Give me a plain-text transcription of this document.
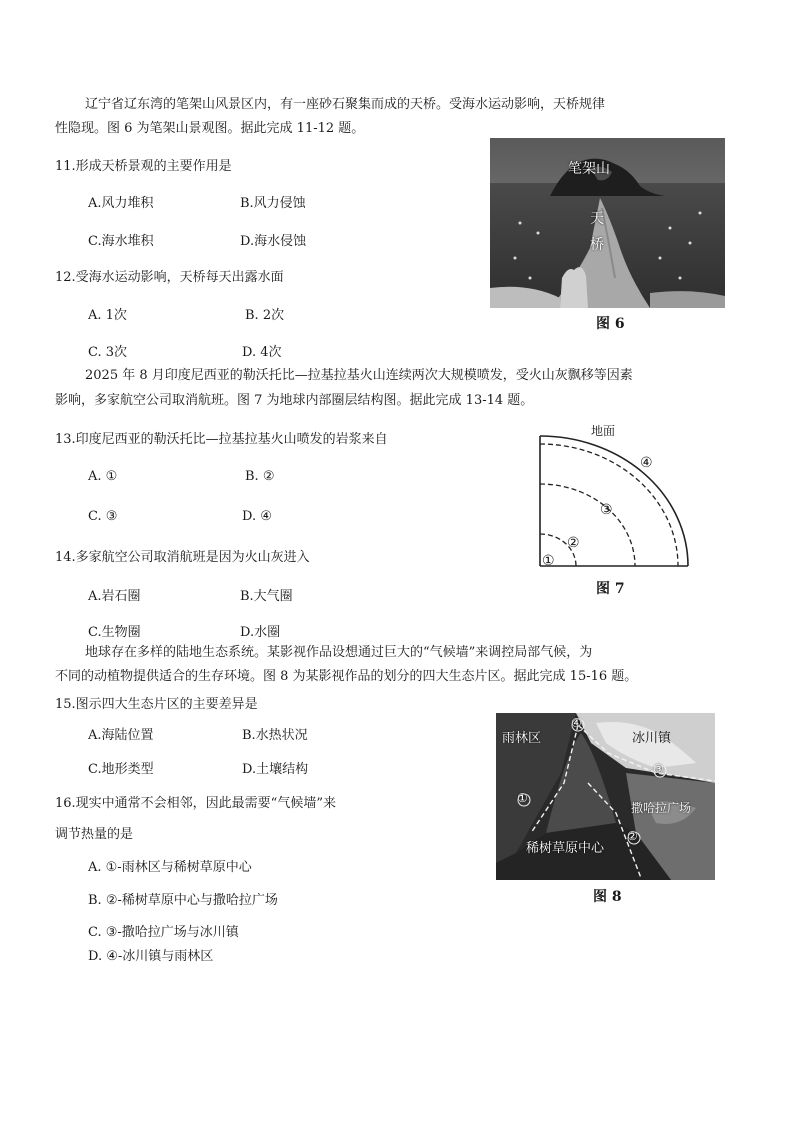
辽宁省辽东湾的笔架山风景区内，有一座砂石聚集而成的天桥。受海水运动影响，天桥规律
性隐现。图 6 为笔架山景观图。据此完成 11-12 题。
11.形成天桥景观的主要作用是
A.风力堆积	B.风力侵蚀
C.海水堆积	D.海水侵蚀
12.受海水运动影响，天桥每天出露水面
A. 1次	B. 2次
C. 3次	D. 4次
笔架山
天
桥
图 6
2025 年 8 月印度尼西亚的勒沃托比—拉基拉基火山连续两次大规模喷发，受火山灰飘移等因素
影响，多家航空公司取消航班。图 7 为地球内部圈层结构图。据此完成 13-14 题。
13.印度尼西亚的勒沃托比—拉基拉基火山喷发的岩浆来自
A. ①	B. ②
C. ③	D. ④
地面
④
③
②
①
图 7
14.多家航空公司取消航班是因为火山灰进入
A.岩石圈	B.大气圈
C.生物圈	D.水圈
地球存在多样的陆地生态系统。某影视作品设想通过巨大的“气候墙”来调控局部气候，为
不同的动植物提供适合的生存环境。图 8 为某影视作品的划分的四大生态片区。据此完成 15-16 题。
15.图示四大生态片区的主要差异是
A.海陆位置	B.水热状况
C.地形类型	D.土壤结构
16.现实中通常不会相邻，因此最需要“气候墙”来
调节热量的是
A. ①-雨林区与稀树草原中心
B. ②-稀树草原中心与撒哈拉广场
C. ③-撒哈拉广场与冰川镇
D. ④-冰川镇与雨林区
雨林区	冰川镇
撒哈拉广场
稀树草原中心
①
②
③
④
图 8
